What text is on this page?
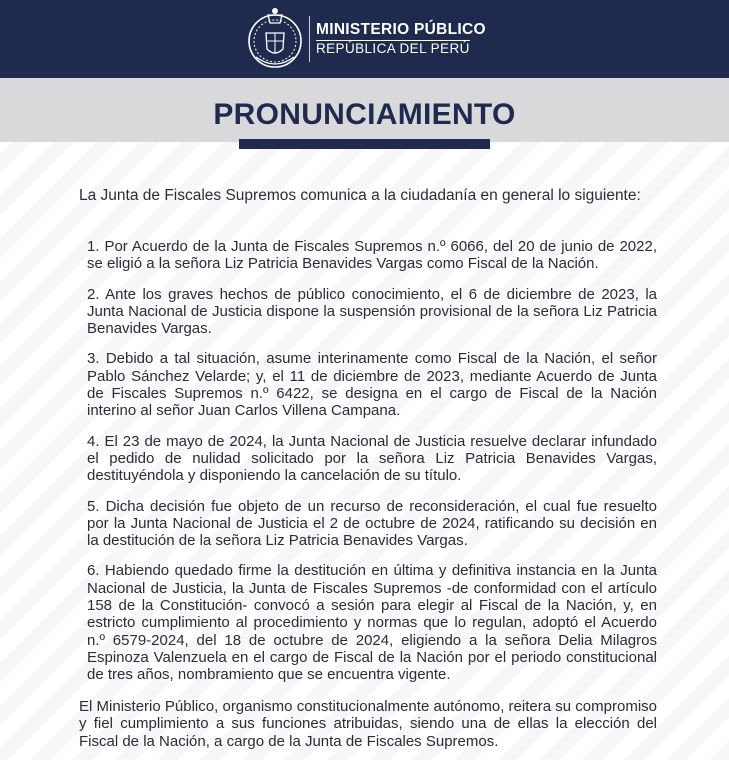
MINISTERIO PÚBLICO
REPÚBLICA DEL PERÚ
PRONUNCIAMIENTO
La Junta de Fiscales Supremos comunica a la ciudadanía en general lo siguiente:

1. Por Acuerdo de la Junta de Fiscales Supremos n.º 6066, del 20 de junio de 2022, se eligió a la señora Liz Patricia Benavides Vargas como Fiscal de la Nación.

2. Ante los graves hechos de público conocimiento, el 6 de diciembre de 2023, la Junta Nacional de Justicia dispone la suspensión provisional de la señora Liz Patricia Benavides Vargas.

3. Debido a tal situación, asume interinamente como Fiscal de la Nación, el señor Pablo Sánchez Velarde; y, el 11 de diciembre de 2023, mediante Acuerdo de Junta de Fiscales Supremos n.º 6422, se designa en el cargo de Fiscal de la Nación interino al señor Juan Carlos Villena Campana.

4. El 23 de mayo de 2024, la Junta Nacional de Justicia resuelve declarar infundado el pedido de nulidad solicitado por la señora Liz Patricia Benavides Vargas, destituyéndola y disponiendo la cancelación de su título.

5. Dicha decisión fue objeto de un recurso de reconsideración, el cual fue resuelto por la Junta Nacional de Justicia el 2 de octubre de 2024, ratificando su decisión en la destitución de la señora Liz Patricia Benavides Vargas.

6. Habiendo quedado firme la destitución en última y definitiva instancia en la Junta Nacional de Justicia, la Junta de Fiscales Supremos -de conformidad con el artículo 158 de la Constitución- convocó a sesión para elegir al Fiscal de la Nación, y, en estricto cumplimiento al procedimiento y normas que lo regulan, adoptó el Acuerdo n.º 6579-2024, del 18 de octubre de 2024, eligiendo a la señora Delia Milagros Espinoza Valenzuela en el cargo de Fiscal de la Nación por el periodo constitucional de tres años, nombramiento que se encuentra vigente.

El Ministerio Público, organismo constitucionalmente autónomo, reitera su compromiso y fiel cumplimiento a sus funciones atribuidas, siendo una de ellas la elección del Fiscal de la Nación, a cargo de la Junta de Fiscales Supremos.
